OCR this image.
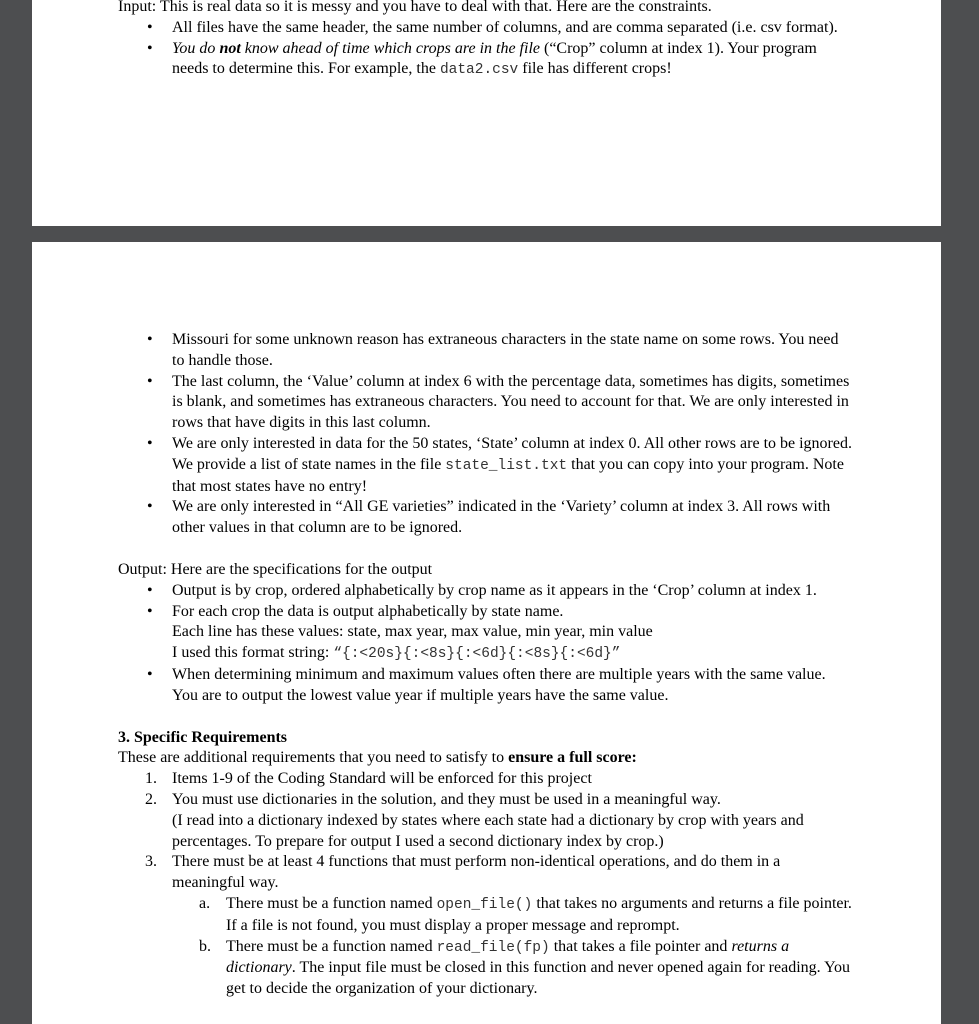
Input: This is real data so it is messy and you have to deal with that. Here are the constraints.

• All files have the same header, the same number of columns, and are comma separated (i.e. csv format).
• You do not know ahead of time which crops are in the file (“Crop” column at index 1). Your program needs to determine this. For example, the data2.csv file has different crops!
• Missouri for some unknown reason has extraneous characters in the state name on some rows. You need to handle those.
• The last column, the ‘Value’ column at index 6 with the percentage data, sometimes has digits, sometimes is blank, and sometimes has extraneous characters. You need to account for that. We are only interested in rows that have digits in this last column.
• We are only interested in data for the 50 states, ‘State’ column at index 0. All other rows are to be ignored. We provide a list of state names in the file state_list.txt that you can copy into your program. Note that most states have no entry!
• We are only interested in “All GE varieties” indicated in the ‘Variety’ column at index 3. All rows with other values in that column are to be ignored.

Output: Here are the specifications for the output

• Output is by crop, ordered alphabetically by crop name as it appears in the ‘Crop’ column at index 1.
• For each crop the data is output alphabetically by state name.
Each line has these values: state, max year, max value, min year, min value
I used this format string: “{:<20s}{:<8s}{:<6d}{:<8s}{:<6d}”
• When determining minimum and maximum values often there are multiple years with the same value. You are to output the lowest value year if multiple years have the same value.

3. Specific Requirements

These are additional requirements that you need to satisfy to ensure a full score:

1. Items 1-9 of the Coding Standard will be enforced for this project
2. You must use dictionaries in the solution, and they must be used in a meaningful way.
(I read into a dictionary indexed by states where each state had a dictionary by crop with years and percentages. To prepare for output I used a second dictionary index by crop.)
3. There must be at least 4 functions that must perform non-identical operations, and do them in a meaningful way.
a. There must be a function named open_file() that takes no arguments and returns a file pointer. If a file is not found, you must display a proper message and reprompt.
b. There must be a function named read_file(fp) that takes a file pointer and returns a dictionary. The input file must be closed in this function and never opened again for reading. You get to decide the organization of your dictionary.
